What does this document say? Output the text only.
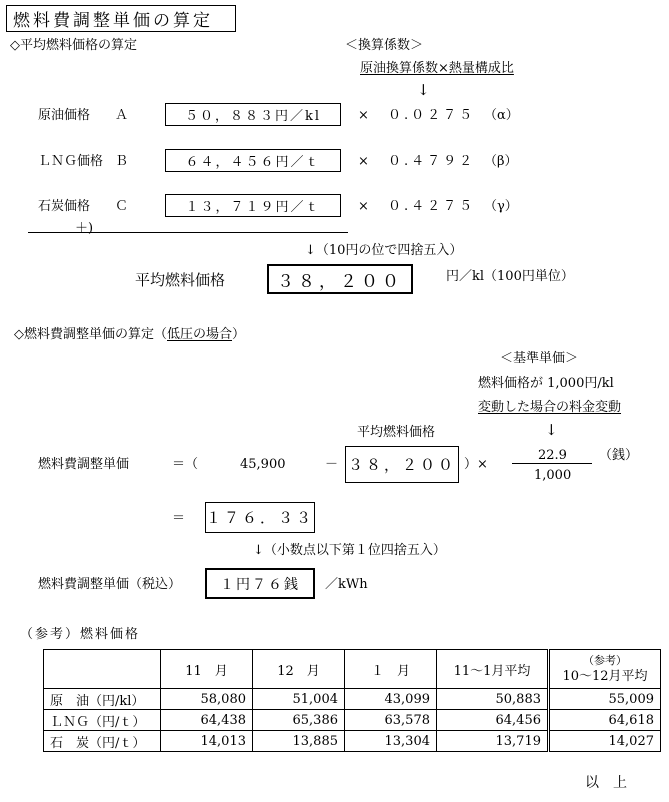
燃料費調整単価の算定
◇平均燃料価格の算定	＜換算係数＞
原油換算係数×熱量構成比
↓
原油価格 Ａ	５０，８８３円／kl	× ０.０２７５ （α）
ＬＮＧ価格 Ｂ	６４，４５６円／ｔ	× ０.４７９２ （β）
石炭価格 Ｃ	１３，７１９円／ｔ	× ０.４２７５ （γ）
＋)
↓（10円の位で四捨五入）
平均燃料価格	３８，２００	円／kl（100円単位）
◇燃料費調整単価の算定（低圧の場合）
＜基準単価＞
燃料価格が 1,000円/kl
変動した場合の料金変動
↓
平均燃料価格
燃料費調整単価	＝（	45,900	－ ３８，２００ ）×
22.9
1,000
（銭）
＝ １７６．３３
↓（小数点以下第１位四捨五入）
燃料費調整単価（税込）	１円７６銭 ／kWh
（参考）燃料価格
	11　月	12　月	１　月	11～1月平均	（参考）
10～12月平均
原　油（円/kl）	58,080	51,004	43,099	50,883	55,009
ＬＮＧ（円/ｔ）	64,438	65,386	63,578	64,456	64,618
石　炭（円/ｔ）	14,013	13,885	13,304	13,719	14,027
以　上
